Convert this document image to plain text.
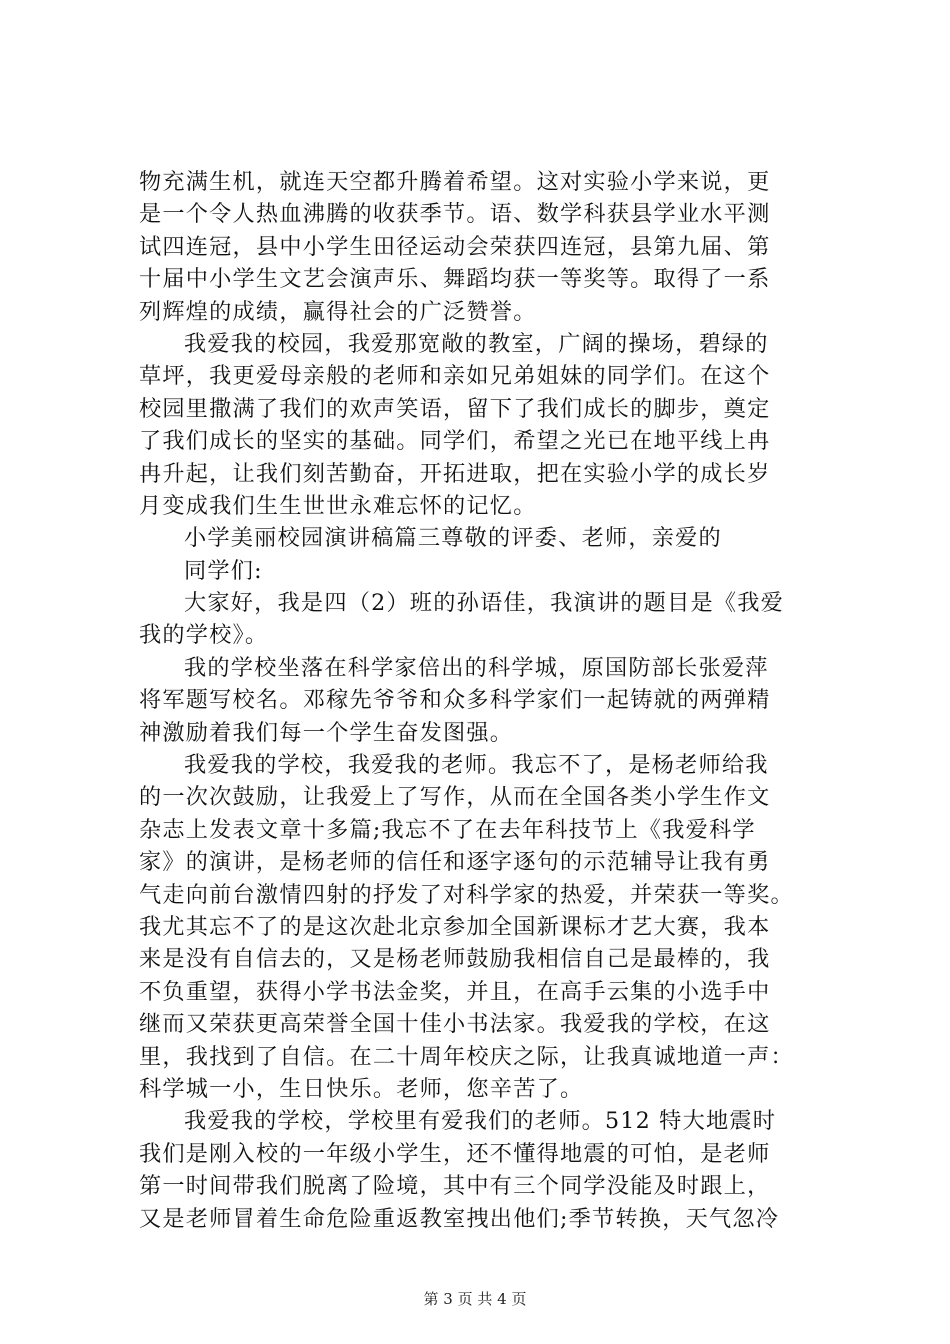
物充满生机，就连天空都升腾着希望。这对实验小学来说，更
是一个令人热血沸腾的收获季节。语、数学科获县学业水平测
试四连冠，县中小学生田径运动会荣获四连冠，县第九届、第
十届中小学生文艺会演声乐、舞蹈均获一等奖等。取得了一系
列辉煌的成绩，赢得社会的广泛赞誉。
我爱我的校园，我爱那宽敞的教室，广阔的操场，碧绿的
草坪，我更爱母亲般的老师和亲如兄弟姐妹的同学们。在这个
校园里撒满了我们的欢声笑语，留下了我们成长的脚步，奠定
了我们成长的坚实的基础。同学们，希望之光已在地平线上冉
冉升起，让我们刻苦勤奋，开拓进取，把在实验小学的成长岁
月变成我们生生世世永难忘怀的记忆。
小学美丽校园演讲稿篇三尊敬的评委、老师，亲爱的
同学们:
大家好，我是四（2）班的孙语佳，我演讲的题目是《我爱
我的学校》。
我的学校坐落在科学家倍出的科学城，原国防部长张爱萍
将军题写校名。邓稼先爷爷和众多科学家们一起铸就的两弹精
神激励着我们每一个学生奋发图强。
我爱我的学校，我爱我的老师。我忘不了，是杨老师给我
的一次次鼓励，让我爱上了写作，从而在全国各类小学生作文
杂志上发表文章十多篇;我忘不了在去年科技节上《我爱科学
家》的演讲，是杨老师的信任和逐字逐句的示范辅导让我有勇
气走向前台激情四射的抒发了对科学家的热爱，并荣获一等奖。
我尤其忘不了的是这次赴北京参加全国新课标才艺大赛，我本
来是没有自信去的，又是杨老师鼓励我相信自己是最棒的，我
不负重望，获得小学书法金奖，并且，在高手云集的小选手中
继而又荣获更高荣誉全国十佳小书法家。我爱我的学校，在这
里，我找到了自信。在二十周年校庆之际，让我真诚地道一声：
科学城一小，生日快乐。老师，您辛苦了。
我爱我的学校，学校里有爱我们的老师。512 特大地震时
我们是刚入校的一年级小学生，还不懂得地震的可怕，是老师
第一时间带我们脱离了险境，其中有三个同学没能及时跟上，
又是老师冒着生命危险重返教室拽出他们;季节转换，天气忽冷
第 3 页 共 4 页
